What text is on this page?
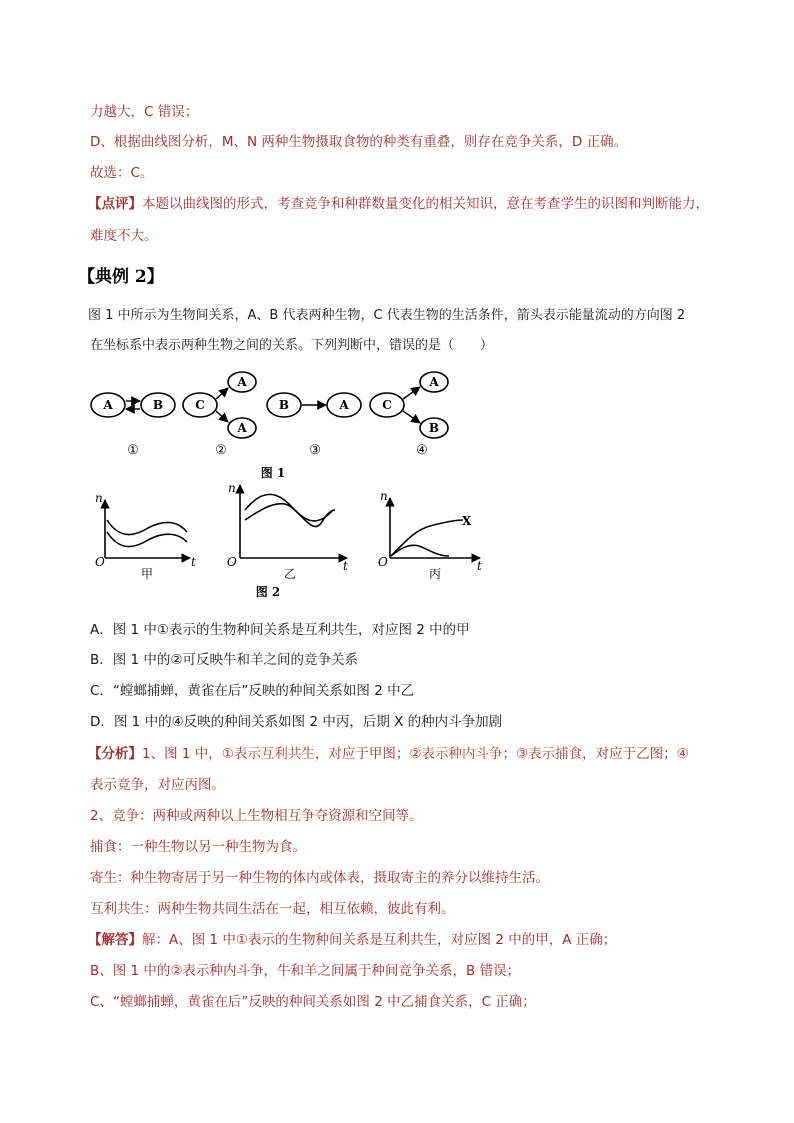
力越大，C 错误；
D、根据曲线图分析，M、N 两种生物摄取食物的种类有重叠，则存在竞争关系，D 正确。
故选：C。
【点评】本题以曲线图的形式，考查竞争和种群数量变化的相关知识，意在考查学生的识图和判断能力，
难度不大。
【典例 2】
图 1 中所示为生物间关系，A、B 代表两种生物，C 代表生物的生活条件，箭头表示能量流动的方向图 2
在坐标系中表示两种生物之间的关系。下列判断中，错误的是（　　）
A	B	C
A
A
B	A	C
A
B
①	②	③	④
图 1
n
O	t
甲
n
O	t
乙
n
O	t
X
丙
图 2
A．图 1 中①表示的生物种间关系是互利共生，对应图 2 中的甲
B．图 1 中的②可反映牛和羊之间的竞争关系
C．“螳螂捕蝉，黄雀在后”反映的种间关系如图 2 中乙
D．图 1 中的④反映的种间关系如图 2 中丙，后期 X 的种内斗争加剧
【分析】1、图 1 中，①表示互利共生，对应于甲图；②表示种内斗争；③表示捕食，对应于乙图；④
表示竞争，对应丙图。
2、竞争：两种或两种以上生物相互争夺资源和空间等。
捕食：一种生物以另一种生物为食。
寄生：种生物寄居于另一种生物的体内或体表，摄取寄主的养分以维持生活。
互利共生：两种生物共同生活在一起，相互依赖，彼此有利。
【解答】解：A、图 1 中①表示的生物种间关系是互利共生，对应图 2 中的甲，A 正确；
B、图 1 中的②表示种内斗争，牛和羊之间属于种间竞争关系，B 错误；
C、“螳螂捕蝉，黄雀在后”反映的种间关系如图 2 中乙捕食关系，C 正确；
